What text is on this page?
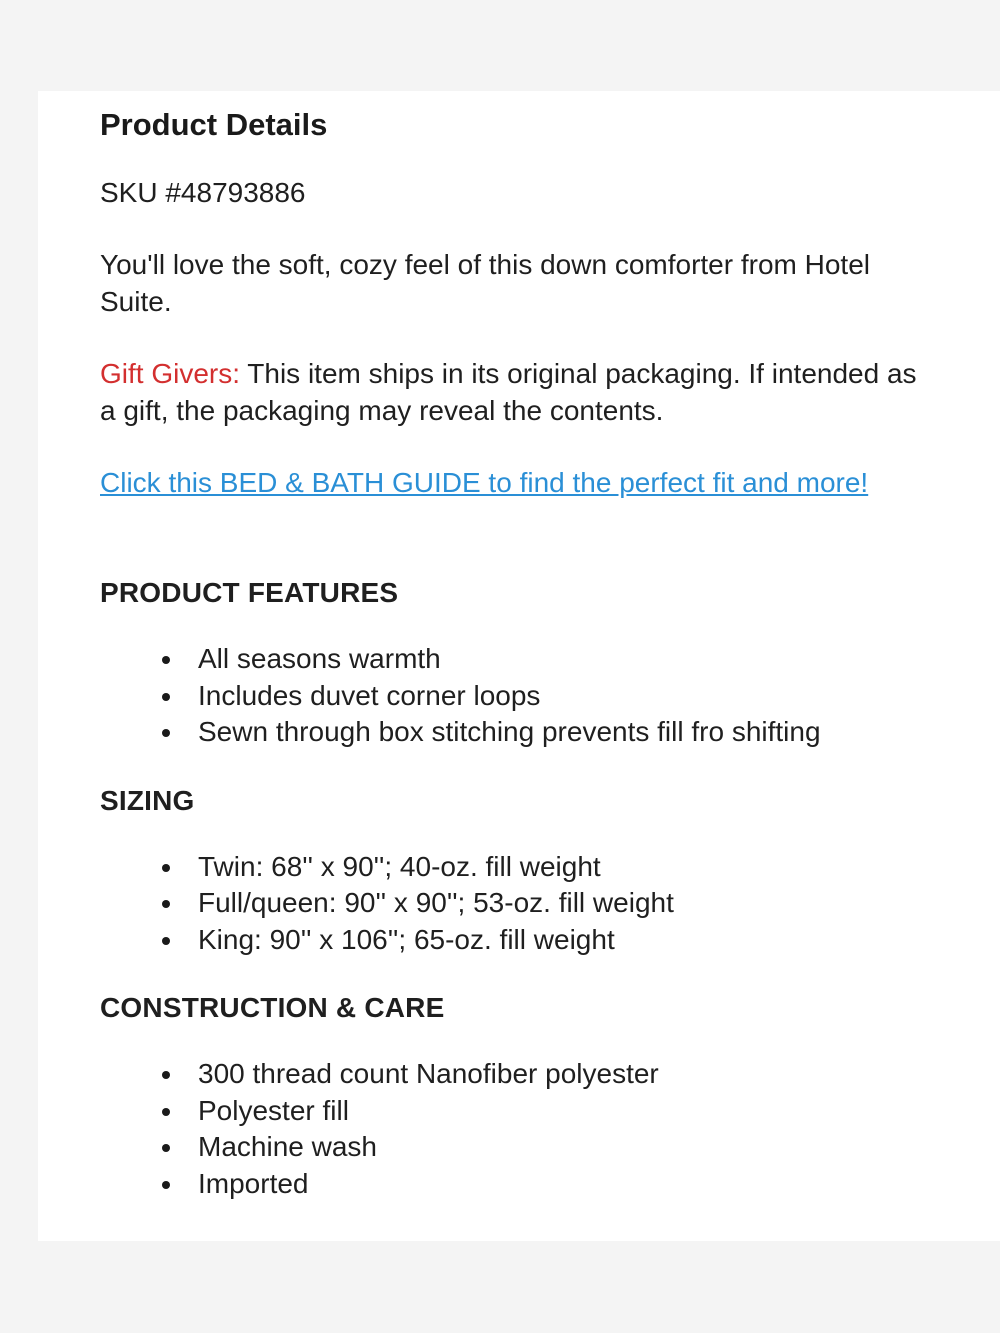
Product Details

SKU #48793886

You'll love the soft, cozy feel of this down comforter from Hotel Suite.

Gift Givers: This item ships in its original packaging. If intended as a gift, the packaging may reveal the contents.

Click this BED & BATH GUIDE to find the perfect fit and more!
PRODUCT FEATURES
All seasons warmth
Includes duvet corner loops
Sewn through box stitching prevents fill fro shifting
SIZING
Twin: 68'' x 90''; 40-oz. fill weight
Full/queen: 90'' x 90''; 53-oz. fill weight
King: 90'' x 106''; 65-oz. fill weight
CONSTRUCTION & CARE
300 thread count Nanofiber polyester
Polyester fill
Machine wash
Imported
